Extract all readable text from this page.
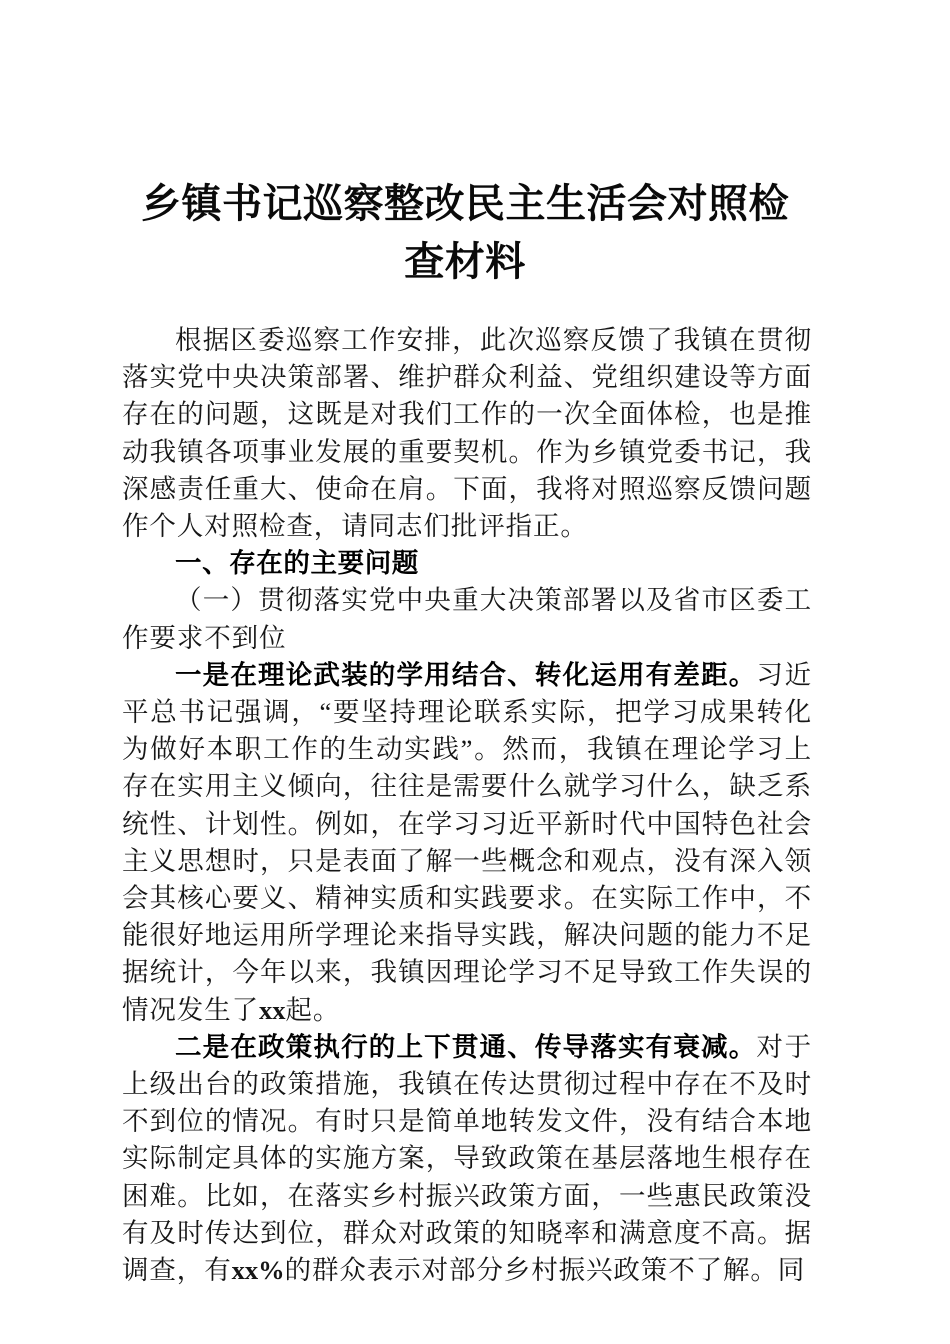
乡镇书记巡察整改民主生活会对照检查材料

根据区委巡察工作安排，此次巡察反馈了我镇在贯彻落实党中央决策部署、维护群众利益、党组织建设等方面存在的问题，这既是对我们工作的一次全面体检，也是推动我镇各项事业发展的重要契机。作为乡镇党委书记，我深感责任重大、使命在肩。下面，我将对照巡察反馈问题作个人对照检查，请同志们批评指正。

一、存在的主要问题

（一）贯彻落实党中央重大决策部署以及省市区委工作要求不到位

一是在理论武装的学用结合、转化运用有差距。习近平总书记强调，“要坚持理论联系实际，把学习成果转化为做好本职工作的生动实践”。然而，我镇在理论学习上存在实用主义倾向，往往是需要什么就学习什么，缺乏系统性、计划性。例如，在学习习近平新时代中国特色社会主义思想时，只是表面了解一些概念和观点，没有深入领会其核心要义、精神实质和实践要求。在实际工作中，不能很好地运用所学理论来指导实践，解决问题的能力不足据统计，今年以来，我镇因理论学习不足导致工作失误的情况发生了xx起。

二是在政策执行的上下贯通、传导落实有衰减。对于上级出台的政策措施，我镇在传达贯彻过程中存在不及时不到位的情况。有时只是简单地转发文件，没有结合本地实际制定具体的实施方案，导致政策在基层落地生根存在困难。比如，在落实乡村振兴政策方面，一些惠民政策没有及时传达到位，群众对政策的知晓率和满意度不高。据调查，有xx%的群众表示对部分乡村振兴政策不了解。同
